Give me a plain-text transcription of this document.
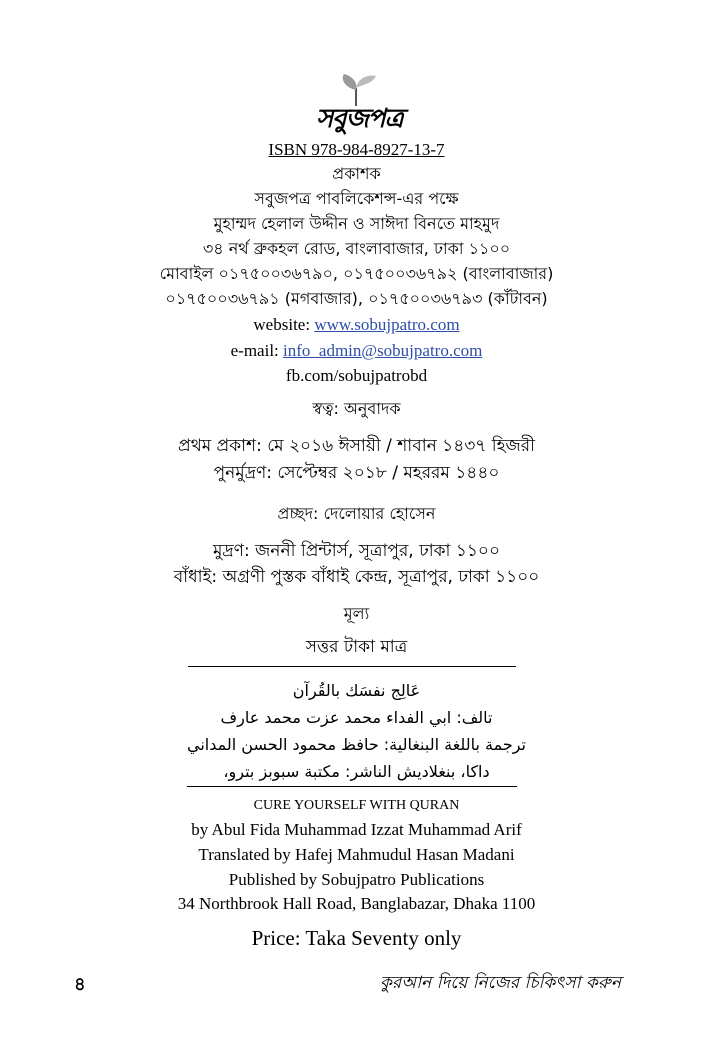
সবুজপত্র
ISBN 978-984-8927-13-7
প্রকাশক
সবুজপত্র পাবলিকেশন্স-এর পক্ষে
মুহাম্মদ হেলাল উদ্দীন ও সাঈদা বিনতে মাহমুদ
৩৪ নর্থ ব্রুকহল রোড, বাংলাবাজার, ঢাকা ১১০০
মোবাইল ০১৭৫০০৩৬৭৯০, ০১৭৫০০৩৬৭৯২ (বাংলাবাজার)
০১৭৫০০৩৬৭৯১ (মগবাজার), ০১৭৫০০৩৬৭৯৩ (কাঁটাবন)
website: www.sobujpatro.com
e-mail: info_admin@sobujpatro.com
fb.com/sobujpatrobd
স্বত্ব: অনুবাদক
প্রথম প্রকাশ: মে ২০১৬ ঈসায়ী / শাবান ১৪৩৭ হিজরী
পুনর্মুদ্রণ: সেপ্টেম্বর ২০১৮ / মহররম ১৪৪০
প্রচ্ছদ: দেলোয়ার হোসেন
মুদ্রণ: জননী প্রিন্টার্স, সূত্রাপুর, ঢাকা ১১০০
বাঁধাই: অগ্রণী পুস্তক বাঁধাই কেন্দ্র, সূত্রাপুর, ঢাকা ১১০০
মূল্য
সত্তর টাকা মাত্র
عَالِج نفسَك بالقُرآن
تالف: ابي الفداء محمد عزت محمد عارف
ترجمة باللغة البنغالية: حافظ محمود الحسن المداني
داكا، بنغلاديش الناشر: مكتبة سبوبز بترو،
CURE YOURSELF WITH QURAN
by Abul Fida Muhammad Izzat Muhammad Arif
Translated by Hafej Mahmudul Hasan Madani
Published by Sobujpatro Publications
34 Northbrook Hall Road, Banglabazar, Dhaka 1100
Price: Taka Seventy only
৪	কুরআন দিয়ে নিজের চিকিৎসা করুন
